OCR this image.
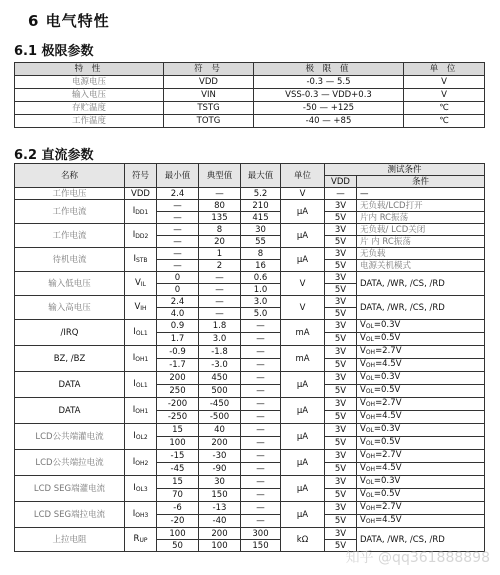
6 电气特性
6.1 极限参数
特 性	符 号	极 限 值	单 位
电源电压	VDD	-0.3 — 5.5	V
输入电压	VIN	VSS-0.3 — VDD+0.3	V
存贮温度	TSTG	-50 — +125	℃
工作温度	TOTG	-40 — +85	℃
6.2 直流参数
名称	符号	最小值	典型值	最大值	单位	测试条件	
						VDD	条件
工作电压	VDD	2.4	—	5.2	V	—	—
工作电流	$I_{DD1}$	—	80	210	μA	3V	无负载/LCD打开
		—	135	415		5V	片内 RC振荡
工作电流	$I_{DD2}$	—	8	30	μA	3V	无负载/ LCD关闭
		—	20	55		5V	片 内 RC振荡
待机电流	$I_{STB}$	—	1	8	μA	3V	无负载
		—	2	16		5V	电源关机模式
输入低电压	$V_{IL}$	0	—	0.6	V	3V	DATA, /WR, /CS, /RD
		0	—	1.0		5V	
输入高电压	$V_{IH}$	2.4	—	3.0	V	3V	DATA, /WR, /CS, /RD
		4.0	—	5.0		5V	
/IRQ	$I_{OL1}$	0.9	1.8	—	mA	3V	$V_{OL}=0.3V$
		1.7	3.0	—		5V	$V_{OL}=0.5V$
BZ, /BZ	$I_{OH1}$	-0.9	-1.8	—	mA	3V	$V_{OH}=2.7V$
		-1.7	-3.0	—		5V	$V_{OH}=4.5V$
DATA	$I_{OL1}$	200	450	—	μA	3V	$V_{OL}=0.3V$
		250	500	—		5V	$V_{OL}=0.5V$
DATA	$I_{OH1}$	-200	-450	—	μA	3V	$V_{OH}=2.7V$
		-250	-500	—		5V	$V_{OH}=4.5V$
LCD公共端灌电流	$I_{OL2}$	15	40	—	μA	3V	$V_{OL}=0.3V$
		100	200	—		5V	$V_{OL}=0.5V$
LCD公共端拉电流	$I_{OH2}$	-15	-30	—	μA	3V	$V_{OH}=2.7V$
		-45	-90	—		5V	$V_{OH}=4.5V$
LCD SEG端灌电流	$I_{OL3}$	15	30	—	μA	3V	$V_{OL}=0.3V$
		70	150	—		5V	$V_{OL}=0.5V$
LCD SEG端拉电流	$I_{OH3}$	-6	-13	—	μA	3V	$V_{OH}=2.7V$
		-20	-40	—		5V	$V_{OH}=4.5V$
上拉电阻	$R_{UP}$	100	200	300	kΩ	3V	DATA, /WR, /CS, /RD
		50	100	150		5V	
知乎 @qq361888898
